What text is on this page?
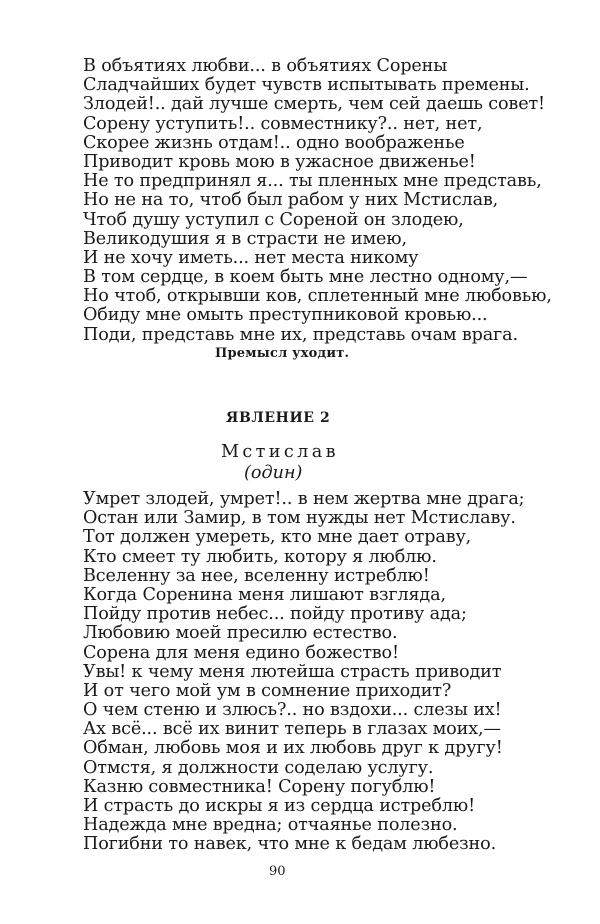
В объятиях любви... в объятиях Сорены
Сладчайших будет чувств испытывать премены.
Злодей!.. дай лучше смерть, чем сей даешь совет!
Сорену уступить!.. совместнику?.. нет, нет,
Скорее жизнь отдам!.. одно воображенье
Приводит кровь мою в ужасное движенье!
Не то предпринял я... ты пленных мне представь,
Но не на то, чтоб был рабом у них Мстислав,
Чтоб душу уступил с Сореной он злодею,
Великодушия я в страсти не имею,
И не хочу иметь... нет места никому
В том сердце, в коем быть мне лестно одному,—
Но чтоб, открывши ков, сплетенный мне любовью,
Обиду мне омыть преступниковой кровью...
Поди, представь мне их, представь очам врага.
Премысл уходит.
ЯВЛЕНИЕ 2
Мстислав
(один)
Умрет злодей, умрет!.. в нем жертва мне драга;
Остан или Замир, в том нужды нет Мстиславу.
Тот должен умереть, кто мне дает отраву,
Кто смеет ту любить, котору я люблю.
Вселенну за нее, вселенну истреблю!
Когда Соренина меня лишают взгляда,
Пойду против небес... пойду противу ада;
Любовию моей пресилю естество.
Сорена для меня едино божество!
Увы! к чему меня лютейша страсть приводит
И от чего мой ум в сомнение приходит?
О чем стеню и злюсь?.. но вздохи... слезы их!
Ах всё... всё их винит теперь в глазах моих,—
Обман, любовь моя и их любовь друг к другу!
Отмстя, я должности соделаю услугу.
Казню совместника! Сорену погублю!
И страсть до искры я из сердца истреблю!
Надежда мне вредна; отчаянье полезно.
Погибни то навек, что мне к бедам любезно.
90
